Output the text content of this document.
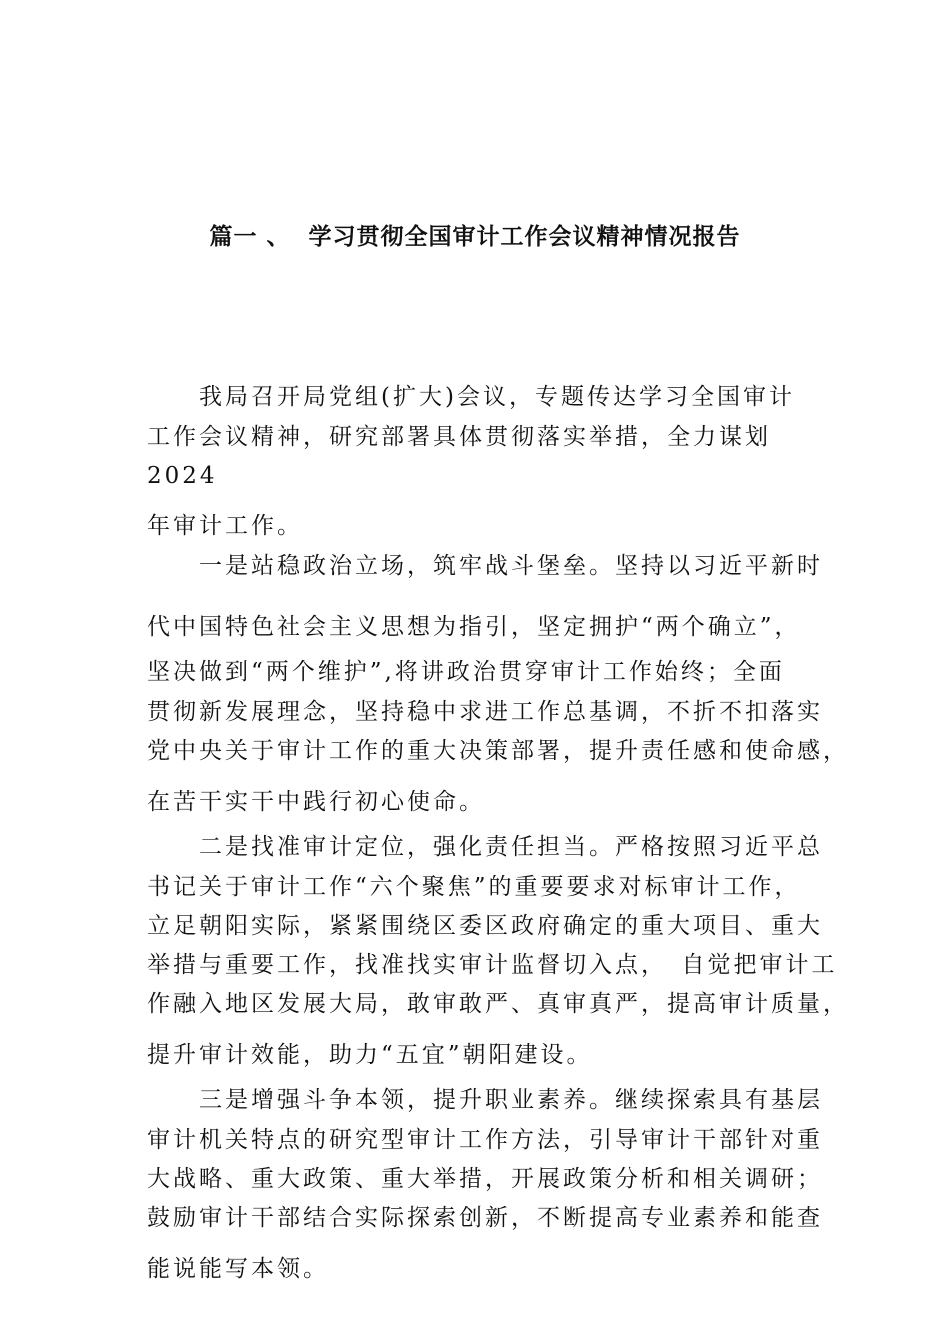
篇一 、  学习贯彻全国审计工作会议精神情况报告
　　我局召开局党组(扩大)会议，专题传达学习全国审计
工作会议精神，研究部署具体贯彻落实举措，全力谋划
2024
年审计工作。
　　一是站稳政治立场，筑牢战斗堡垒。坚持以习近平新时
代中国特色社会主义思想为指引，坚定拥护“两个确立”，
坚决做到“两个维护”,将讲政治贯穿审计工作始终；全面
贯彻新发展理念，坚持稳中求进工作总基调，不折不扣落实
党中央关于审计工作的重大决策部署，提升责任感和使命感，
在苦干实干中践行初心使命。
　　二是找准审计定位，强化责任担当。严格按照习近平总
书记关于审计工作“六个聚焦”的重要要求对标审计工作，
立足朝阳实际，紧紧围绕区委区政府确定的重大项目、重大
举措与重要工作，找准找实审计监督切入点，　自觉把审计工
作融入地区发展大局，敢审敢严、真审真严，提高审计质量，
提升审计效能，助力“五宜”朝阳建设。
　　三是增强斗争本领，提升职业素养。继续探索具有基层
审计机关特点的研究型审计工作方法，引导审计干部针对重
大战略、重大政策、重大举措，开展政策分析和相关调研；
鼓励审计干部结合实际探索创新，不断提高专业素养和能查
能说能写本领。
